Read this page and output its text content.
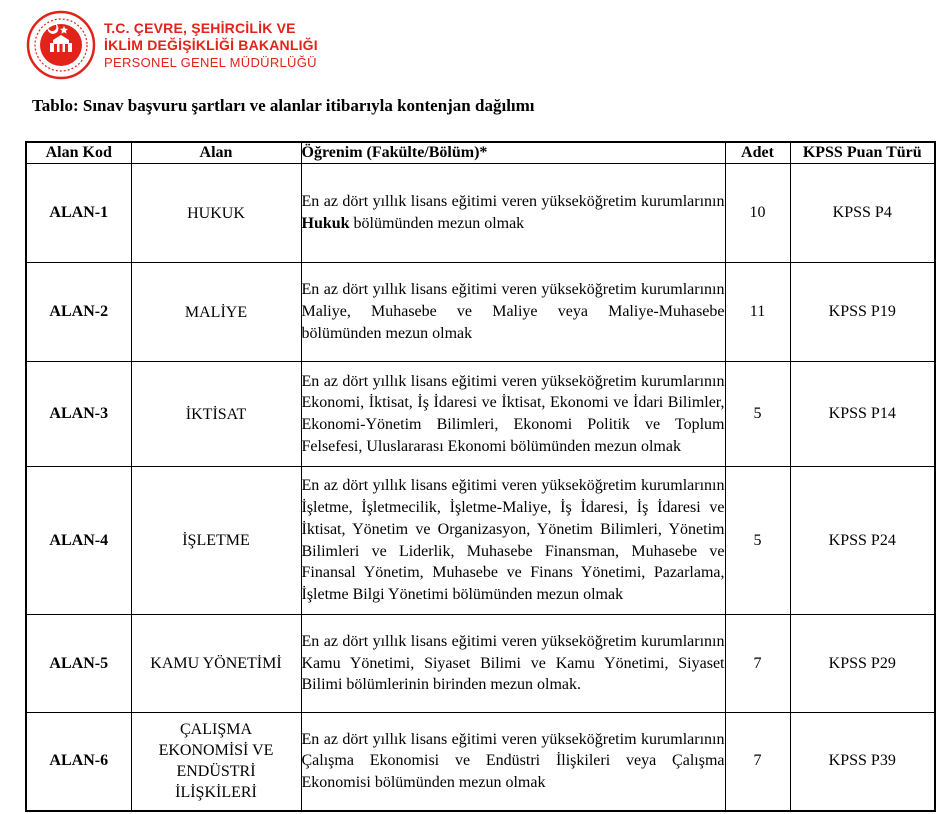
T.C. ÇEVRE, ŞEHİRCİLİK VE
İKLİM DEĞİŞİKLİĞİ BAKANLIĞI
PERSONEL GENEL MÜDÜRLÜĞÜ
Tablo: Sınav başvuru şartları ve alanlar itibarıyla kontenjan dağılımı
Alan Kod	Alan	Öğrenim (Fakülte/Bölüm)*	Adet	KPSS Puan Türü
ALAN-1	HUKUK	En az dört yıllık lisans eğitimi veren yükseköğretim kurumlarının Hukuk bölümünden mezun olmak	10	KPSS P4
ALAN-2	MALİYE	En az dört yıllık lisans eğitimi veren yükseköğretim kurumlarının Maliye, Muhasebe ve Maliye veya Maliye-Muhasebe bölümünden mezun olmak	11	KPSS P19
ALAN-3	İKTİSAT	En az dört yıllık lisans eğitimi veren yükseköğretim kurumlarının Ekonomi, İktisat, İş İdaresi ve İktisat, Ekonomi ve İdari Bilimler, Ekonomi-Yönetim Bilimleri, Ekonomi Politik ve Toplum Felsefesi, Uluslararası Ekonomi bölümünden mezun olmak	5	KPSS P14
ALAN-4	İŞLETME	En az dört yıllık lisans eğitimi veren yükseköğretim kurumlarının İşletme, İşletmecilik, İşletme-Maliye, İş İdaresi, İş İdaresi ve İktisat, Yönetim ve Organizasyon, Yönetim Bilimleri, Yönetim Bilimleri ve Liderlik, Muhasebe Finansman, Muhasebe ve Finansal Yönetim, Muhasebe ve Finans Yönetimi, Pazarlama, İşletme Bilgi Yönetimi bölümünden mezun olmak	5	KPSS P24
ALAN-5	KAMU YÖNETİMİ	En az dört yıllık lisans eğitimi veren yükseköğretim kurumlarının Kamu Yönetimi, Siyaset Bilimi ve Kamu Yönetimi, Siyaset Bilimi bölümlerinin birinden mezun olmak.	7	KPSS P29
ALAN-6	ÇALIŞMA EKONOMİSİ VE ENDÜSTRİ İLİŞKİLERİ	En az dört yıllık lisans eğitimi veren yükseköğretim kurumlarının Çalışma Ekonomisi ve Endüstri İlişkileri veya Çalışma Ekonomisi bölümünden mezun olmak	7	KPSS P39
